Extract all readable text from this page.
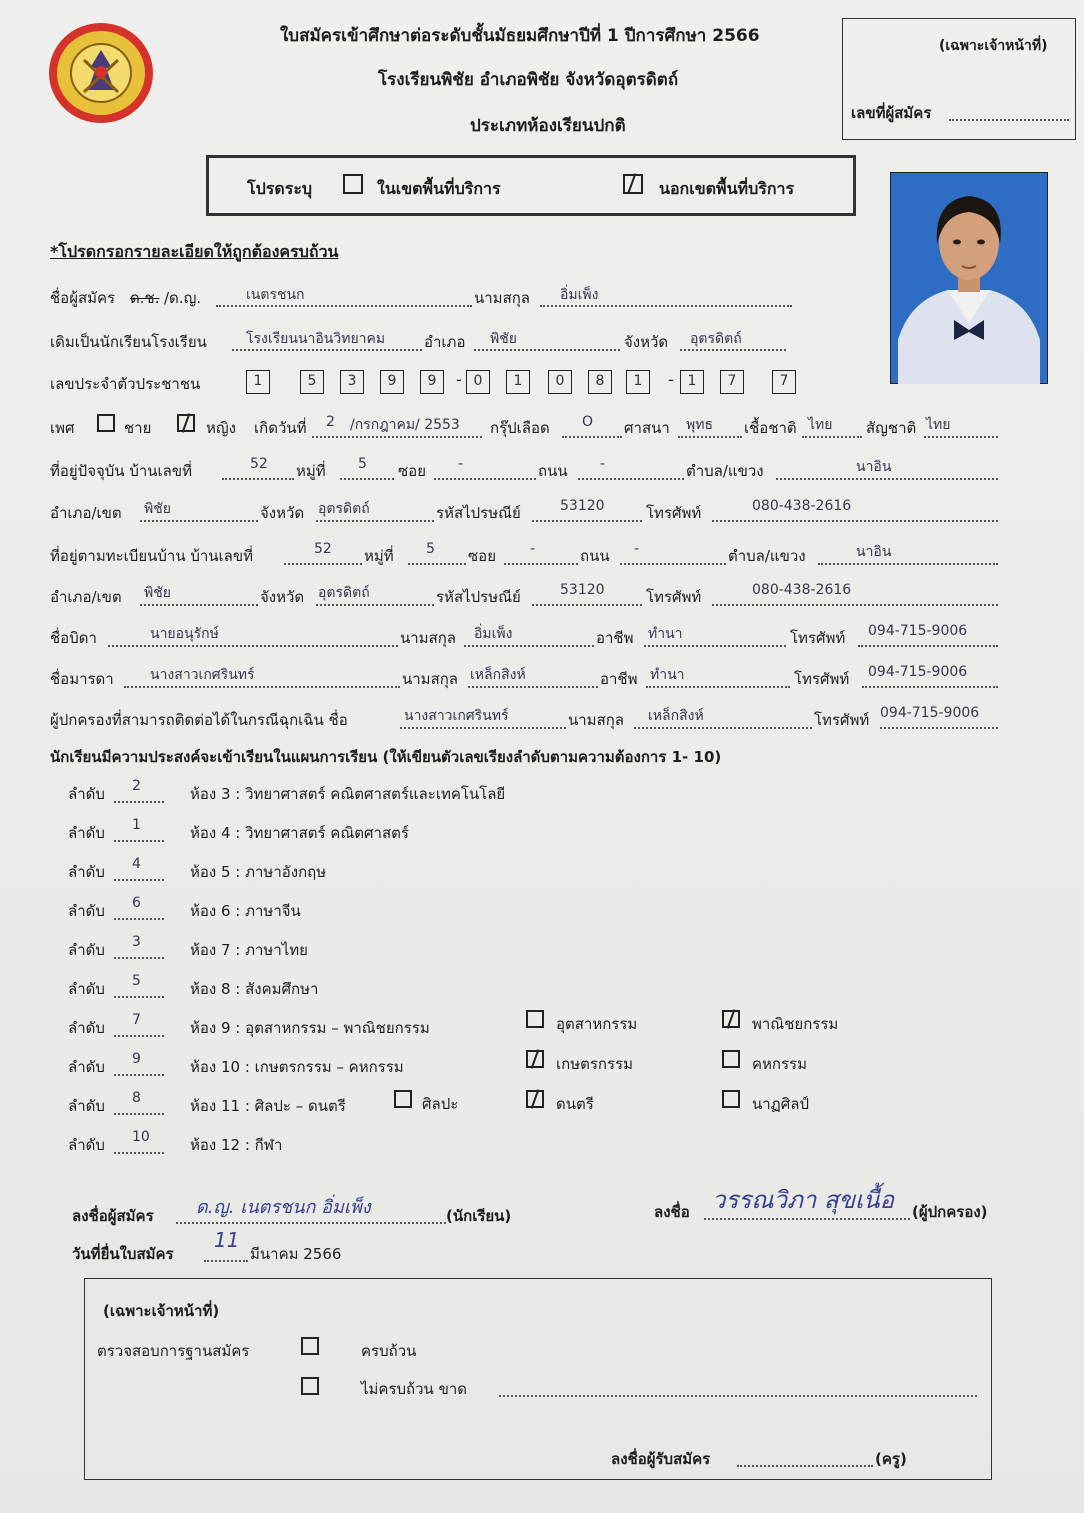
ใบสมัครเข้าศึกษาต่อระดับชั้นมัธยมศึกษาปีที่ 1 ปีการศึกษา 2566
โรงเรียนพิชัย อำเภอพิชัย จังหวัดอุตรดิตถ์
ประเภทห้องเรียนปกติ
(เฉพาะเจ้าหน้าที่)
เลขที่ผู้สมัคร
โปรดระบุ	ในเขตพื้นที่บริการ	นอกเขตพื้นที่บริการ
*โปรดกรอกรายละเอียดให้ถูกต้องครบถ้วน
ชื่อผู้สมัคร ด.ช. /ด.ญ.	เนตรชนก	นามสกุล อิ่มเพ็ง
เดิมเป็นนักเรียนโรงเรียน	โรงเรียนนาอินวิทยาคม	อำเภอ พิชัย	จังหวัด อุตรดิตถ์
เลขประจำตัวประชาชน	1	5	3	9	9	0	1	0	8	1	1	7	7
-	-
เพศ	ชาย	หญิง เกิดวันที่ 2 /กรกฎาคม/ 2553 กรุ๊ปเลือด O ศาสนา พุทธ เชื้อชาติ ไทย สัญชาติ ไทย
ที่อยู่ปัจจุบัน บ้านเลขที่	52 หมู่ที่ 5 ซอย -	ถนน -	ตำบล/แขวง	นาอิน
อำเภอ/เขต พิชัย	จังหวัด อุตรดิตถ์	รหัสไปรษณีย์	53120	โทรศัพท์	080-438-2616
ที่อยู่ตามทะเบียนบ้าน บ้านเลขที่	52 หมู่ที่ 5 ซอย -	ถนน -	ตำบล/แขวง	นาอิน
อำเภอ/เขต พิชัย	จังหวัด อุตรดิตถ์	รหัสไปรษณีย์	53120	โทรศัพท์	080-438-2616
ชื่อบิดา	นายอนุรักษ์	นามสกุล อิ่มเพ็ง	อาชีพ ทำนา	โทรศัพท์ 094-715-9006
ชื่อมารดา	นางสาวเกศรินทร์	นามสกุล เหล็กสิงห์	อาชีพ ทำนา	โทรศัพท์ 094-715-9006
ผู้ปกครองที่สามารถติดต่อได้ในกรณีฉุกเฉิน ชื่อ	นางสาวเกศรินทร์	นามสกุล เหล็กสิงห์	โทรศัพท์ 094-715-9006
นักเรียนมีความประสงค์จะเข้าเรียนในแผนการเรียน (ให้เขียนตัวเลขเรียงลำดับตามความต้องการ 1- 10)
ลำดับ 2	ห้อง 3 : วิทยาศาสตร์ คณิตศาสตร์และเทคโนโลยี
ลำดับ 1	ห้อง 4 : วิทยาศาสตร์ คณิตศาสตร์
ลำดับ 4	ห้อง 5 : ภาษาอังกฤษ
ลำดับ 6	ห้อง 6 : ภาษาจีน
ลำดับ 3	ห้อง 7 : ภาษาไทย
ลำดับ 5	ห้อง 8 : สังคมศึกษา
ลำดับ 7	ห้อง 9 : อุตสาหกรรม – พาณิชยกรรม
ลำดับ 9	ห้อง 10 : เกษตรกรรม – คหกรรม
ลำดับ 8	ห้อง 11 : ศิลปะ – ดนตรี
ลำดับ 10	ห้อง 12 : กีฬา
อุตสาหกรรม	พาณิชยกรรม
เกษตรกรรม	คหกรรม
ศิลปะ	ดนตรี	นาฏศิลป์
ลงชื่อผู้สมัคร ด.ญ. เนตรชนก อิ่มเพ็ง	(นักเรียน)	ลงชื่อ วรรณวิภา สุขเนื้อ (ผู้ปกครอง)
วันที่ยื่นใบสมัคร
11
มีนาคม 2566
(เฉพาะเจ้าหน้าที่)
ตรวจสอบการฐานสมัคร	ครบถ้วน
ไม่ครบถ้วน ขาด
ลงชื่อผู้รับสมัคร	(ครู)
